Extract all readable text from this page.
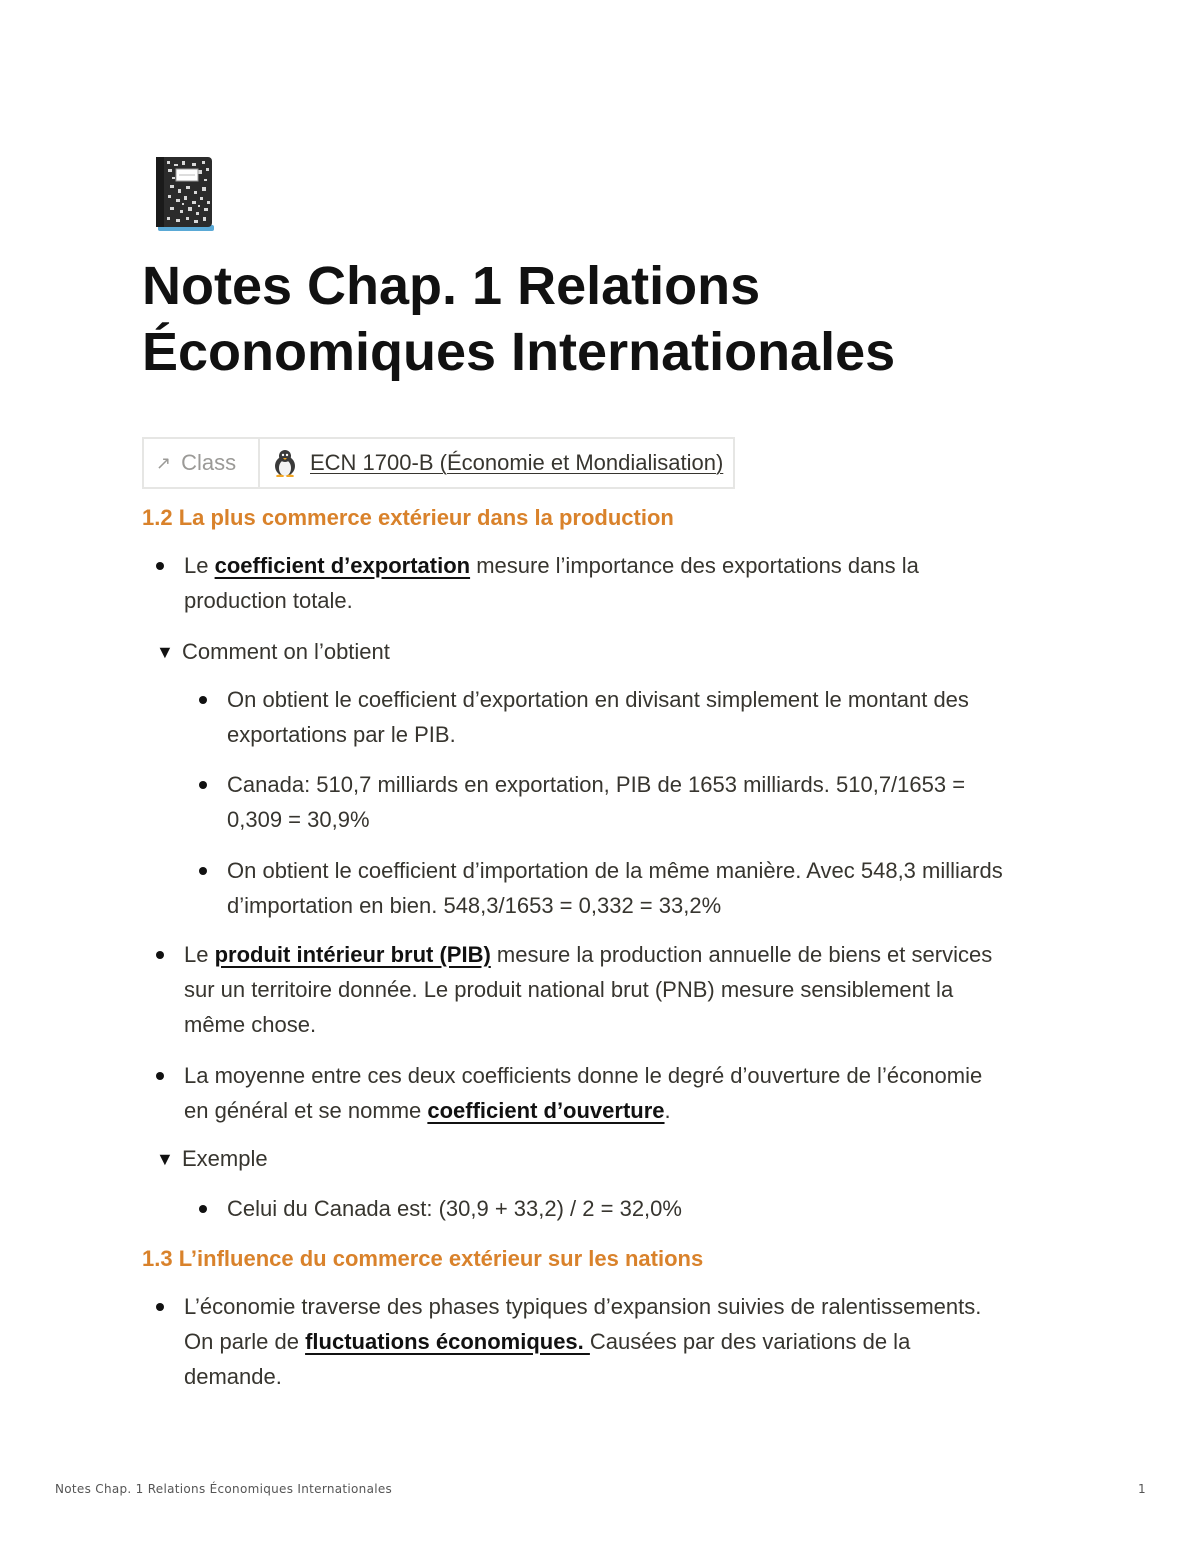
Notes Chap. 1 Relations Économiques Internationales
↗ Class	ECN 1700-B (Économie et Mondialisation)
1.2 La plus commerce extérieur dans la production
Le coefficient d’exportation mesure l’importance des exportations dans la
production totale.
▼ Comment on l’obtient
On obtient le coefficient d’exportation en divisant simplement le montant des
exportations par le PIB.
Canada: 510,7 milliards en exportation, PIB de 1653 milliards. 510,7/1653 =
0,309 = 30,9%
On obtient le coefficient d’importation de la même manière. Avec 548,3 milliards
d’importation en bien. 548,3/1653 = 0,332 = 33,2%
Le produit intérieur brut (PIB) mesure la production annuelle de biens et services
sur un territoire donnée. Le produit national brut (PNB) mesure sensiblement la
même chose.
La moyenne entre ces deux coefficients donne le degré d’ouverture de l’économie
en général et se nomme coefficient d’ouverture.
▼ Exemple
Celui du Canada est: (30,9 + 33,2) / 2 = 32,0%
1.3 L’influence du commerce extérieur sur les nations
L’économie traverse des phases typiques d’expansion suivies de ralentissements.
On parle de fluctuations économiques. Causées par des variations de la
demande.
Notes Chap. 1 Relations Économiques Internationales	1
